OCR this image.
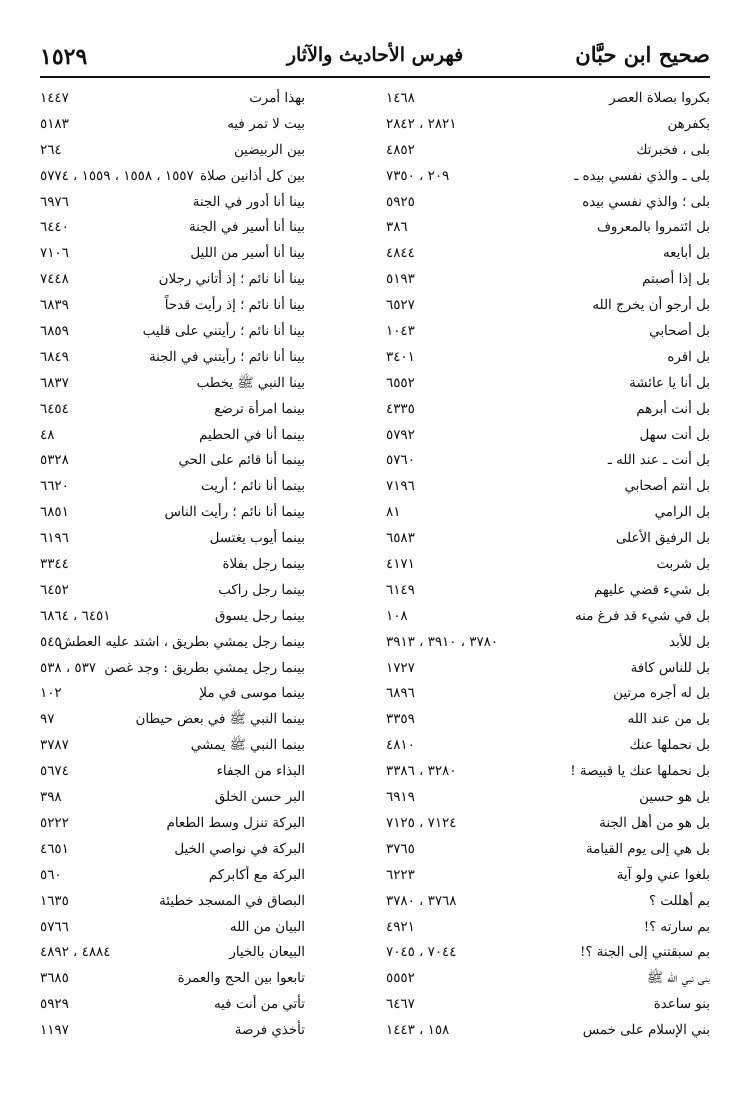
١٥٢٩	فهرس الأحاديث والآثار	صحيح ابن حبَّان
بكروا بصلاة العصر
١٤٦٨
بهذا أمرت
١٤٤٧
بكفرهن
٢٨٢١ ، ٢٨٤٢
بيت لا تمر فيه
٥١٨٣
بلى ، فخبرتك
٤٨٥٢
بين الربيضين
٢٦٤
بلى ـ والذي نفسي بيده ـ
٢٠٩ ، ٧٣٥٠
بين كل أذانين صلاة
١٥٥٧ ، ١٥٥٨ ، ١٥٥٩ ، ٥٧٧٤
بلى ؛ والذي نفسي بيده
٥٩٢٥
بينا أنا أدور في الجنة
٦٩٧٦
بل ائتمروا بالمعروف
٣٨٦
بينا أنا أسير في الجنة
٦٤٤٠
بل أبايعه
٤٨٤٤
بينا أنا أسير من الليل
٧١٠٦
بل إذا أصبتم
٥١٩٣
بينا أنا نائم ؛ إذ أتاني رجلان
٧٤٤٨
بل أرجو أن يخرج الله
٦٥٢٧
بينا أنا نائم ؛ إذ رأيت قدحاً
٦٨٣٩
بل أصحابي
١٠٤٣
بينا أنا نائم ؛ رأيتني على قليب
٦٨٥٩
بل اقره
٣٤٠١
بينا أنا نائم ؛ رأيتني في الجنة
٦٨٤٩
بل أنا يا عائشة
٦٥٥٢
بينا النبي ﷺ يخطب
٦٨٣٧
بل أنت أبرهم
٤٣٣٥
بينما امرأة ترضع
٦٤٥٤
بل أنت سهل
٥٧٩٢
بينما أنا في الحطيم
٤٨
بل أنت ـ عند الله ـ
٥٧٦٠
بينما أنا قائم على الحي
٥٣٢٨
بل أنتم أصحابي
٧١٩٦
بينما أنا نائم ؛ أريت
٦٦٢٠
بل الرامي
٨١
بينما أنا نائم ؛ رأيت الناس
٦٨٥١
بل الرفيق الأعلى
٦٥٨٣
بينما أيوب يغتسل
٦١٩٦
بل شربت
٤١٧١
بينما رجل بفلاة
٣٣٤٤
بل شيء قضي عليهم
٦١٤٩
بينما رجل راكب
٦٤٥٢
بل في شيء قد فرغ منه
١٠٨
بينما رجل يسوق
٦٤٥١ ، ٦٨٦٤
بل للأبد
٣٧٨٠ ، ٣٩١٠ ، ٣٩١٣
بينما رجل يمشي بطريق ، اشتد عليه العطش
٥٤٥
بل للناس كافة
١٧٢٧
بينما رجل يمشي بطريق : وجد غصن
٥٣٧ ، ٥٣٨
بل له أجره مرتين
٦٨٩٦
بينما موسى في ملإ
١٠٢
بل من عند الله
٣٣٥٩
بينما النبي ﷺ في بعض حيطان
٩٧
بل نحملها عنك
٤٨١٠
بينما النبي ﷺ يمشي
٣٧٨٧
بل نحملها عنك يا قبيصة !
٣٢٨٠ ، ٣٣٨٦
البذاء من الجفاء
٥٦٧٤
بل هو حسين
٦٩١٩
البر حسن الخلق
٣٩٨
بل هو من أهل الجنة
٧١٢٤ ، ٧١٢٥
البركة تنزل وسط الطعام
٥٢٢٢
بل هي إلى يوم القيامة
٣٧٦٥
البركة في نواصي الخيل
٤٦٥١
بلغوا عني ولو آية
٦٢٢٣
البركة مع أكابركم
٥٦٠
بم أهللت ؟
٣٧٦٨ ، ٣٧٨٠
البصاق في المسجد خطيئة
١٦٣٥
بم سارته ؟!
٤٩٢١
البيان من الله
٥٧٦٦
بم سبقتني إلى الجنة ؟!
٧٠٤٤ ، ٧٠٤٥
البيعان بالخيار
٤٨٨٤ ، ٤٨٩٢
بنى نبي الله ﷺ
٥٥٥٢
تابعوا بين الحج والعمرة
٣٦٨٥
بنو ساعدة
٦٤٦٧
تأتي من أنت فيه
٥٩٢٩
بني الإسلام على خمس
١٥٨ ، ١٤٤٣
تأخذي فرصة
١١٩٧
